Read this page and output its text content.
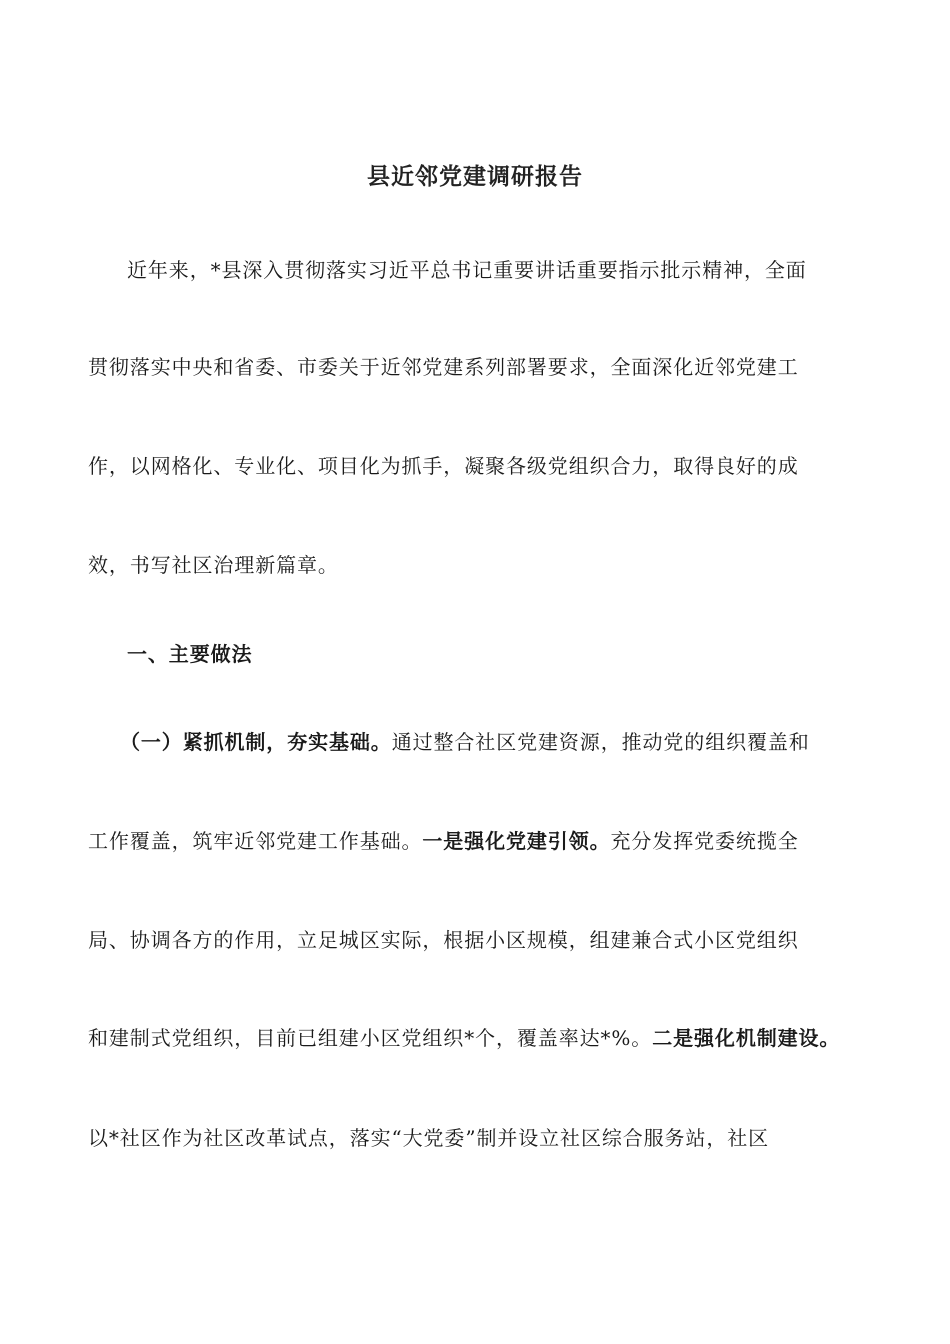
县近邻党建调研报告
近年来，*县深入贯彻落实习近平总书记重要讲话重要指示批示精神，全面
贯彻落实中央和省委、市委关于近邻党建系列部署要求，全面深化近邻党建工
作，以网格化、专业化、项目化为抓手，凝聚各级党组织合力，取得良好的成
效，书写社区治理新篇章。
一、主要做法
（一）紧抓机制，夯实基础。通过整合社区党建资源，推动党的组织覆盖和
工作覆盖，筑牢近邻党建工作基础。一是强化党建引领。充分发挥党委统揽全
局、协调各方的作用，立足城区实际，根据小区规模，组建兼合式小区党组织
和建制式党组织，目前已组建小区党组织*个，覆盖率达*%。二是强化机制建设。
以*社区作为社区改革试点，落实“大党委”制并设立社区综合服务站，社区
